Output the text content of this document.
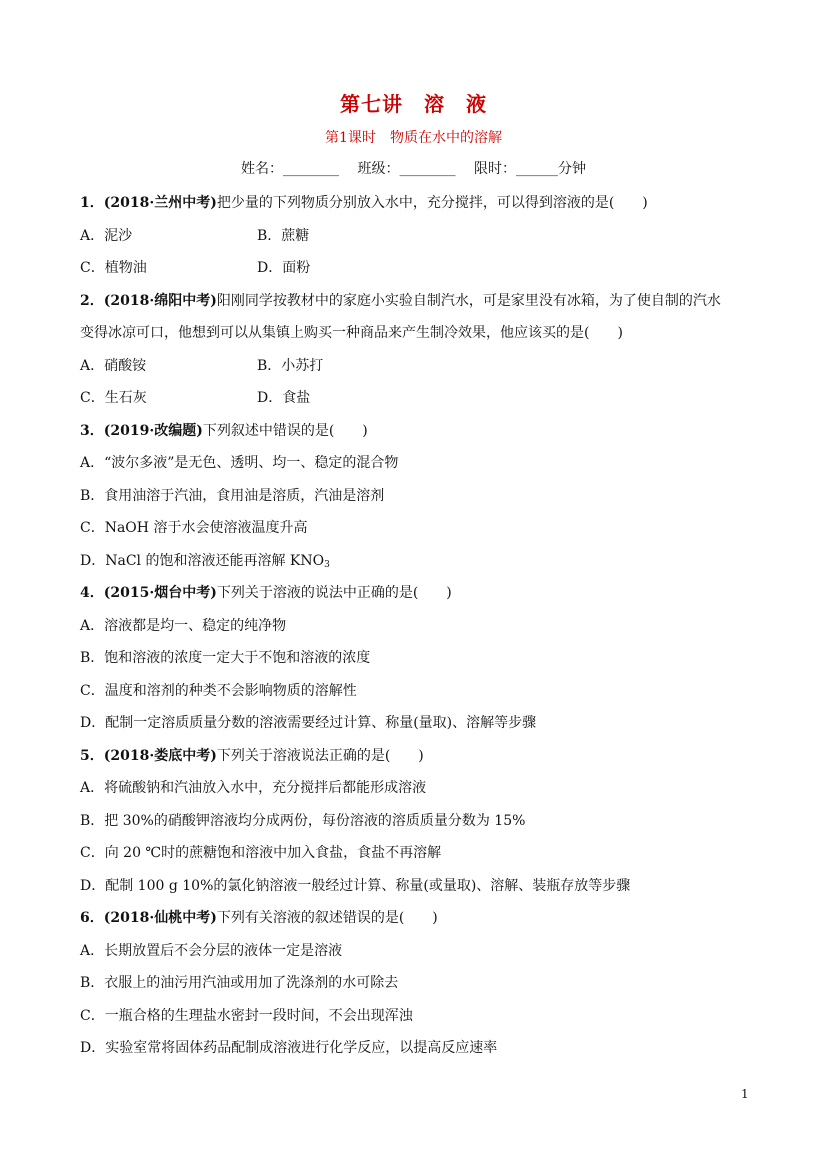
第七讲　溶　液
第1课时　物质在水中的溶解
姓名：________　 班级：________　 限时：______分钟
1．(2018·兰州中考)把少量的下列物质分别放入水中，充分搅拌，可以得到溶液的是(　　)
A．泥沙	B．蔗糖
C．植物油	D．面粉
2．(2018·绵阳中考)阳刚同学按教材中的家庭小实验自制汽水，可是家里没有冰箱，为了使自制的汽水
变得冰凉可口，他想到可以从集镇上购买一种商品来产生制冷效果，他应该买的是(　　)
A．硝酸铵	B．小苏打
C．生石灰	D．食盐
3．(2019·改编题)下列叙述中错误的是(　　)
A．“波尔多液”是无色、透明、均一、稳定的混合物
B．食用油溶于汽油，食用油是溶质，汽油是溶剂
C．NaOH 溶于水会使溶液温度升高
D．NaCl 的饱和溶液还能再溶解 $KNO_3$
4．(2015·烟台中考)下列关于溶液的说法中正确的是(　　)
A．溶液都是均一、稳定的纯净物
B．饱和溶液的浓度一定大于不饱和溶液的浓度
C．温度和溶剂的种类不会影响物质的溶解性
D．配制一定溶质质量分数的溶液需要经过计算、称量(量取)、溶解等步骤
5．(2018·娄底中考)下列关于溶液说法正确的是(　　)
A．将硫酸钠和汽油放入水中，充分搅拌后都能形成溶液
B．把 30%的硝酸钾溶液均分成两份，每份溶液的溶质质量分数为 15%
C．向 20 ℃时的蔗糖饱和溶液中加入食盐，食盐不再溶解
D．配制 100 g 10%的氯化钠溶液一般经过计算、称量(或量取)、溶解、装瓶存放等步骤
6．(2018·仙桃中考)下列有关溶液的叙述错误的是(　　)
A．长期放置后不会分层的液体一定是溶液
B．衣服上的油污用汽油或用加了洗涤剂的水可除去
C．一瓶合格的生理盐水密封一段时间，不会出现浑浊
D．实验室常将固体药品配制成溶液进行化学反应，以提高反应速率
1
